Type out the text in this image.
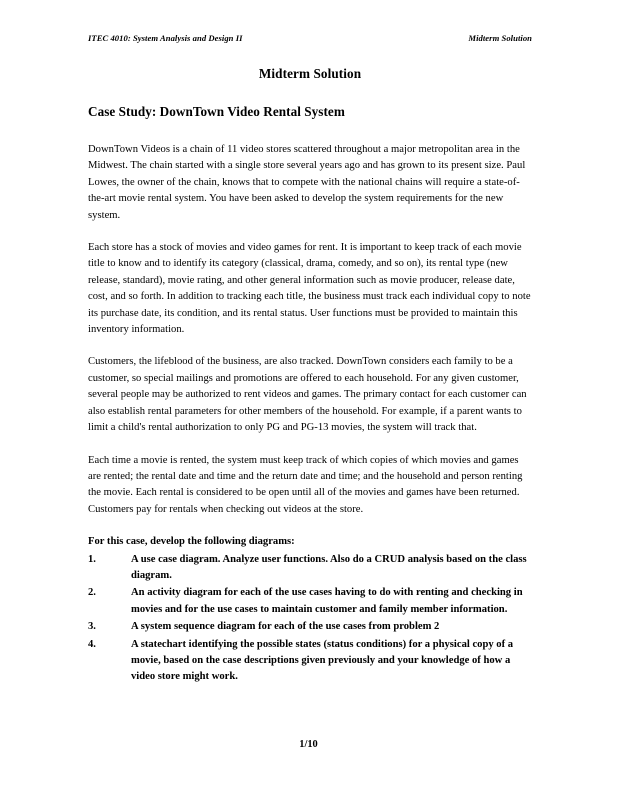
ITEC 4010: System Analysis and Design II	Midterm Solution
Midterm Solution
Case Study: DownTown Video Rental System

DownTown Videos is a chain of 11 video stores scattered throughout a major metropolitan area in the Midwest. The chain started with a single store several years ago and has grown to its present size. Paul Lowes, the owner of the chain, knows that to compete with the national chains will require a state-of-the-art movie rental system. You have been asked to develop the system requirements for the new system.

Each store has a stock of movies and video games for rent. It is important to keep track of each movie title to know and to identify its category (classical, drama, comedy, and so on), its rental type (new release, standard), movie rating, and other general information such as movie producer, release date, cost, and so forth. In addition to tracking each title, the business must track each individual copy to note its purchase date, its condition, and its rental status. User functions must be provided to maintain this inventory information.

Customers, the lifeblood of the business, are also tracked. DownTown considers each family to be a customer, so special mailings and promotions are offered to each household. For any given customer, several people may be authorized to rent videos and games. The primary contact for each customer can also establish rental parameters for other members of the household. For example, if a parent wants to limit a child's rental authorization to only PG and PG-13 movies, the system will track that.

Each time a movie is rented, the system must keep track of which copies of which movies and games are rented; the rental date and time and the return date and time; and the household and person renting the movie. Each rental is considered to be open until all of the movies and games have been returned. Customers pay for rentals when checking out videos at the store.

For this case, develop the following diagrams:

1.	A use case diagram. Analyze user functions. Also do a CRUD analysis based on the class diagram.
2.	An activity diagram for each of the use cases having to do with renting and checking in movies and for the use cases to maintain customer and family member information.
3.	A system sequence diagram for each of the use cases from problem 2
4.	A statechart identifying the possible states (status conditions) for a physical copy of a movie, based on the case descriptions given previously and your knowledge of how a video store might work.
1/10
